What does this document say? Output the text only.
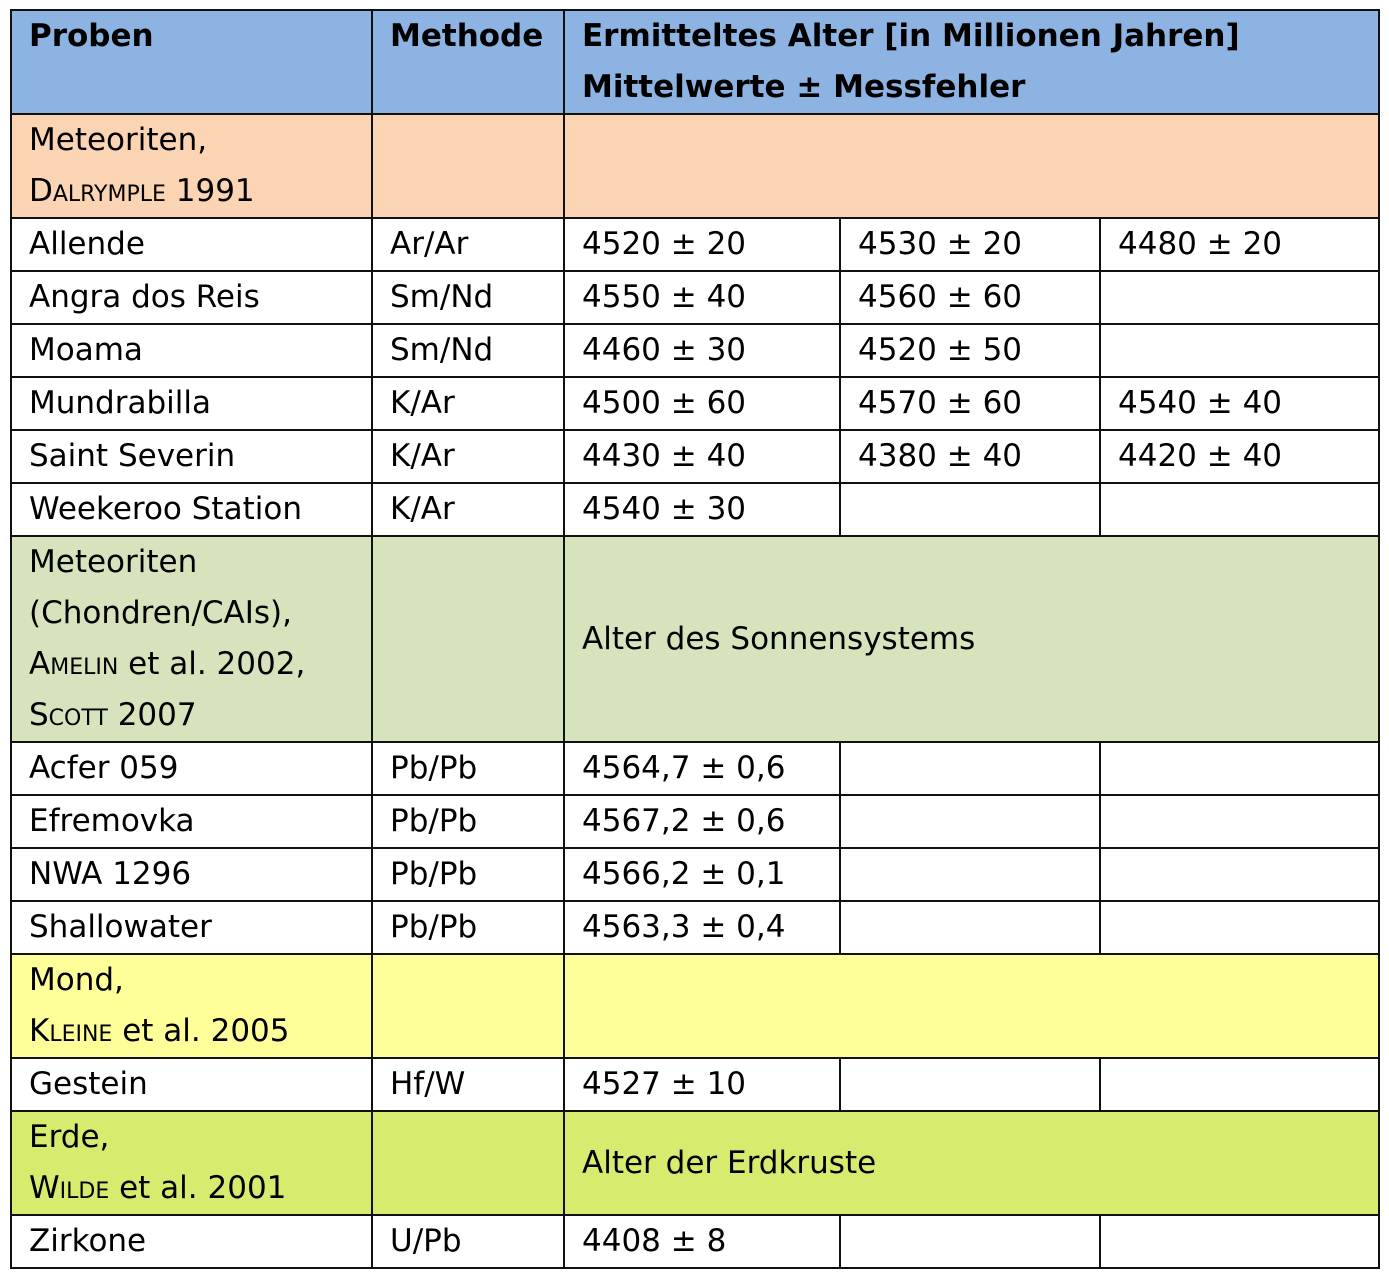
Proben	Methode	Ermitteltes Alter [in Millionen Jahren]
Mittelwerte ± Messfehler		
Meteoriten,
Dalrymple 1991				
Allende	Ar/Ar	4520 ± 20	4530 ± 20	4480 ± 20
Angra dos Reis	Sm/Nd	4550 ± 40	4560 ± 60	
Moama	Sm/Nd	4460 ± 30	4520 ± 50	
Mundrabilla	K/Ar	4500 ± 60	4570 ± 60	4540 ± 40
Saint Severin	K/Ar	4430 ± 40	4380 ± 40	4420 ± 40
Weekeroo Station	K/Ar	4540 ± 30		
Meteoriten
(Chondren/CAIs),
Amelin et al. 2002,
Scott 2007		Alter des Sonnensystems		
Acfer 059	Pb/Pb	4564,7 ± 0,6		
Efremovka	Pb/Pb	4567,2 ± 0,6		
NWA 1296	Pb/Pb	4566,2 ± 0,1		
Shallowater	Pb/Pb	4563,3 ± 0,4		
Mond,
Kleine et al. 2005				
Gestein	Hf/W	4527 ± 10		
Erde,
Wilde et al. 2001		Alter der Erdkruste		
Zirkone	U/Pb	4408 ± 8		
